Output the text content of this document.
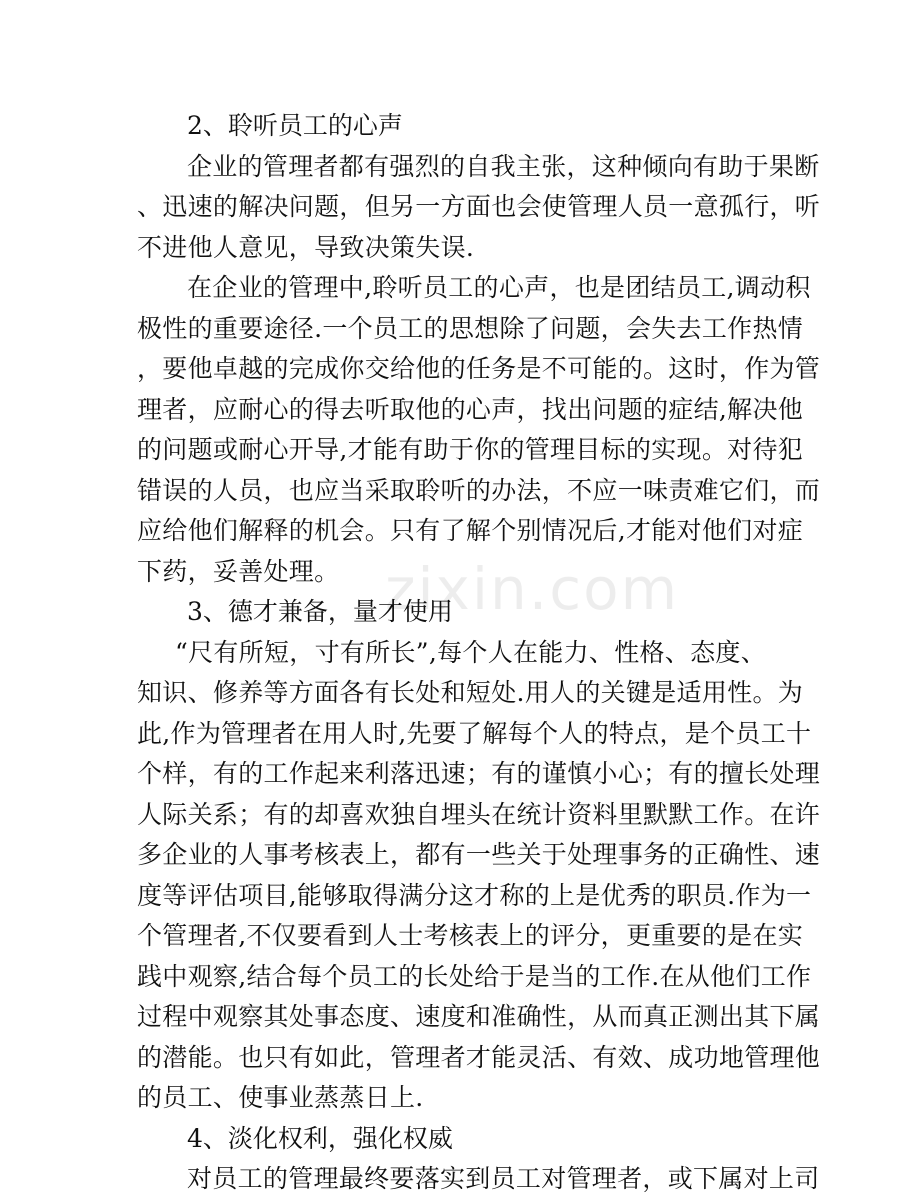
2、聆听员工的心声

企业的管理者都有强烈的自我主张，这种倾向有助于果断
、迅速的解决问题，但另一方面也会使管理人员一意孤行，听
不进他人意见，导致决策失误.

在企业的管理中,聆听员工的心声，也是团结员工,调动积
极性的重要途径.一个员工的思想除了问题，会失去工作热情
，要他卓越的完成你交给他的任务是不可能的。这时，作为管
理者，应耐心的得去听取他的心声，找出问题的症结,解决他
的问题或耐心开导,才能有助于你的管理目标的实现。对待犯
错误的人员，也应当采取聆听的办法，不应一味责难它们，而
应给他们解释的机会。只有了解个别情况后,才能对他们对症
下药，妥善处理。

3、德才兼备，量才使用

“尺有所短，寸有所长”,每个人在能力、性格、态度、
知识、修养等方面各有长处和短处.用人的关键是适用性。为
此,作为管理者在用人时,先要了解每个人的特点，是个员工十
个样，有的工作起来利落迅速；有的谨慎小心；有的擅长处理
人际关系；有的却喜欢独自埋头在统计资料里默默工作。在许
多企业的人事考核表上，都有一些关于处理事务的正确性、速
度等评估项目,能够取得满分这才称的上是优秀的职员.作为一
个管理者,不仅要看到人士考核表上的评分，更重要的是在实
践中观察,结合每个员工的长处给于是当的工作.在从他们工作
过程中观察其处事态度、速度和准确性，从而真正测出其下属
的潜能。也只有如此，管理者才能灵活、有效、成功地管理他
的员工、使事业蒸蒸日上.

4、淡化权利，强化权威

对员工的管理最终要落实到员工对管理者，或下属对上司

zixin.com
